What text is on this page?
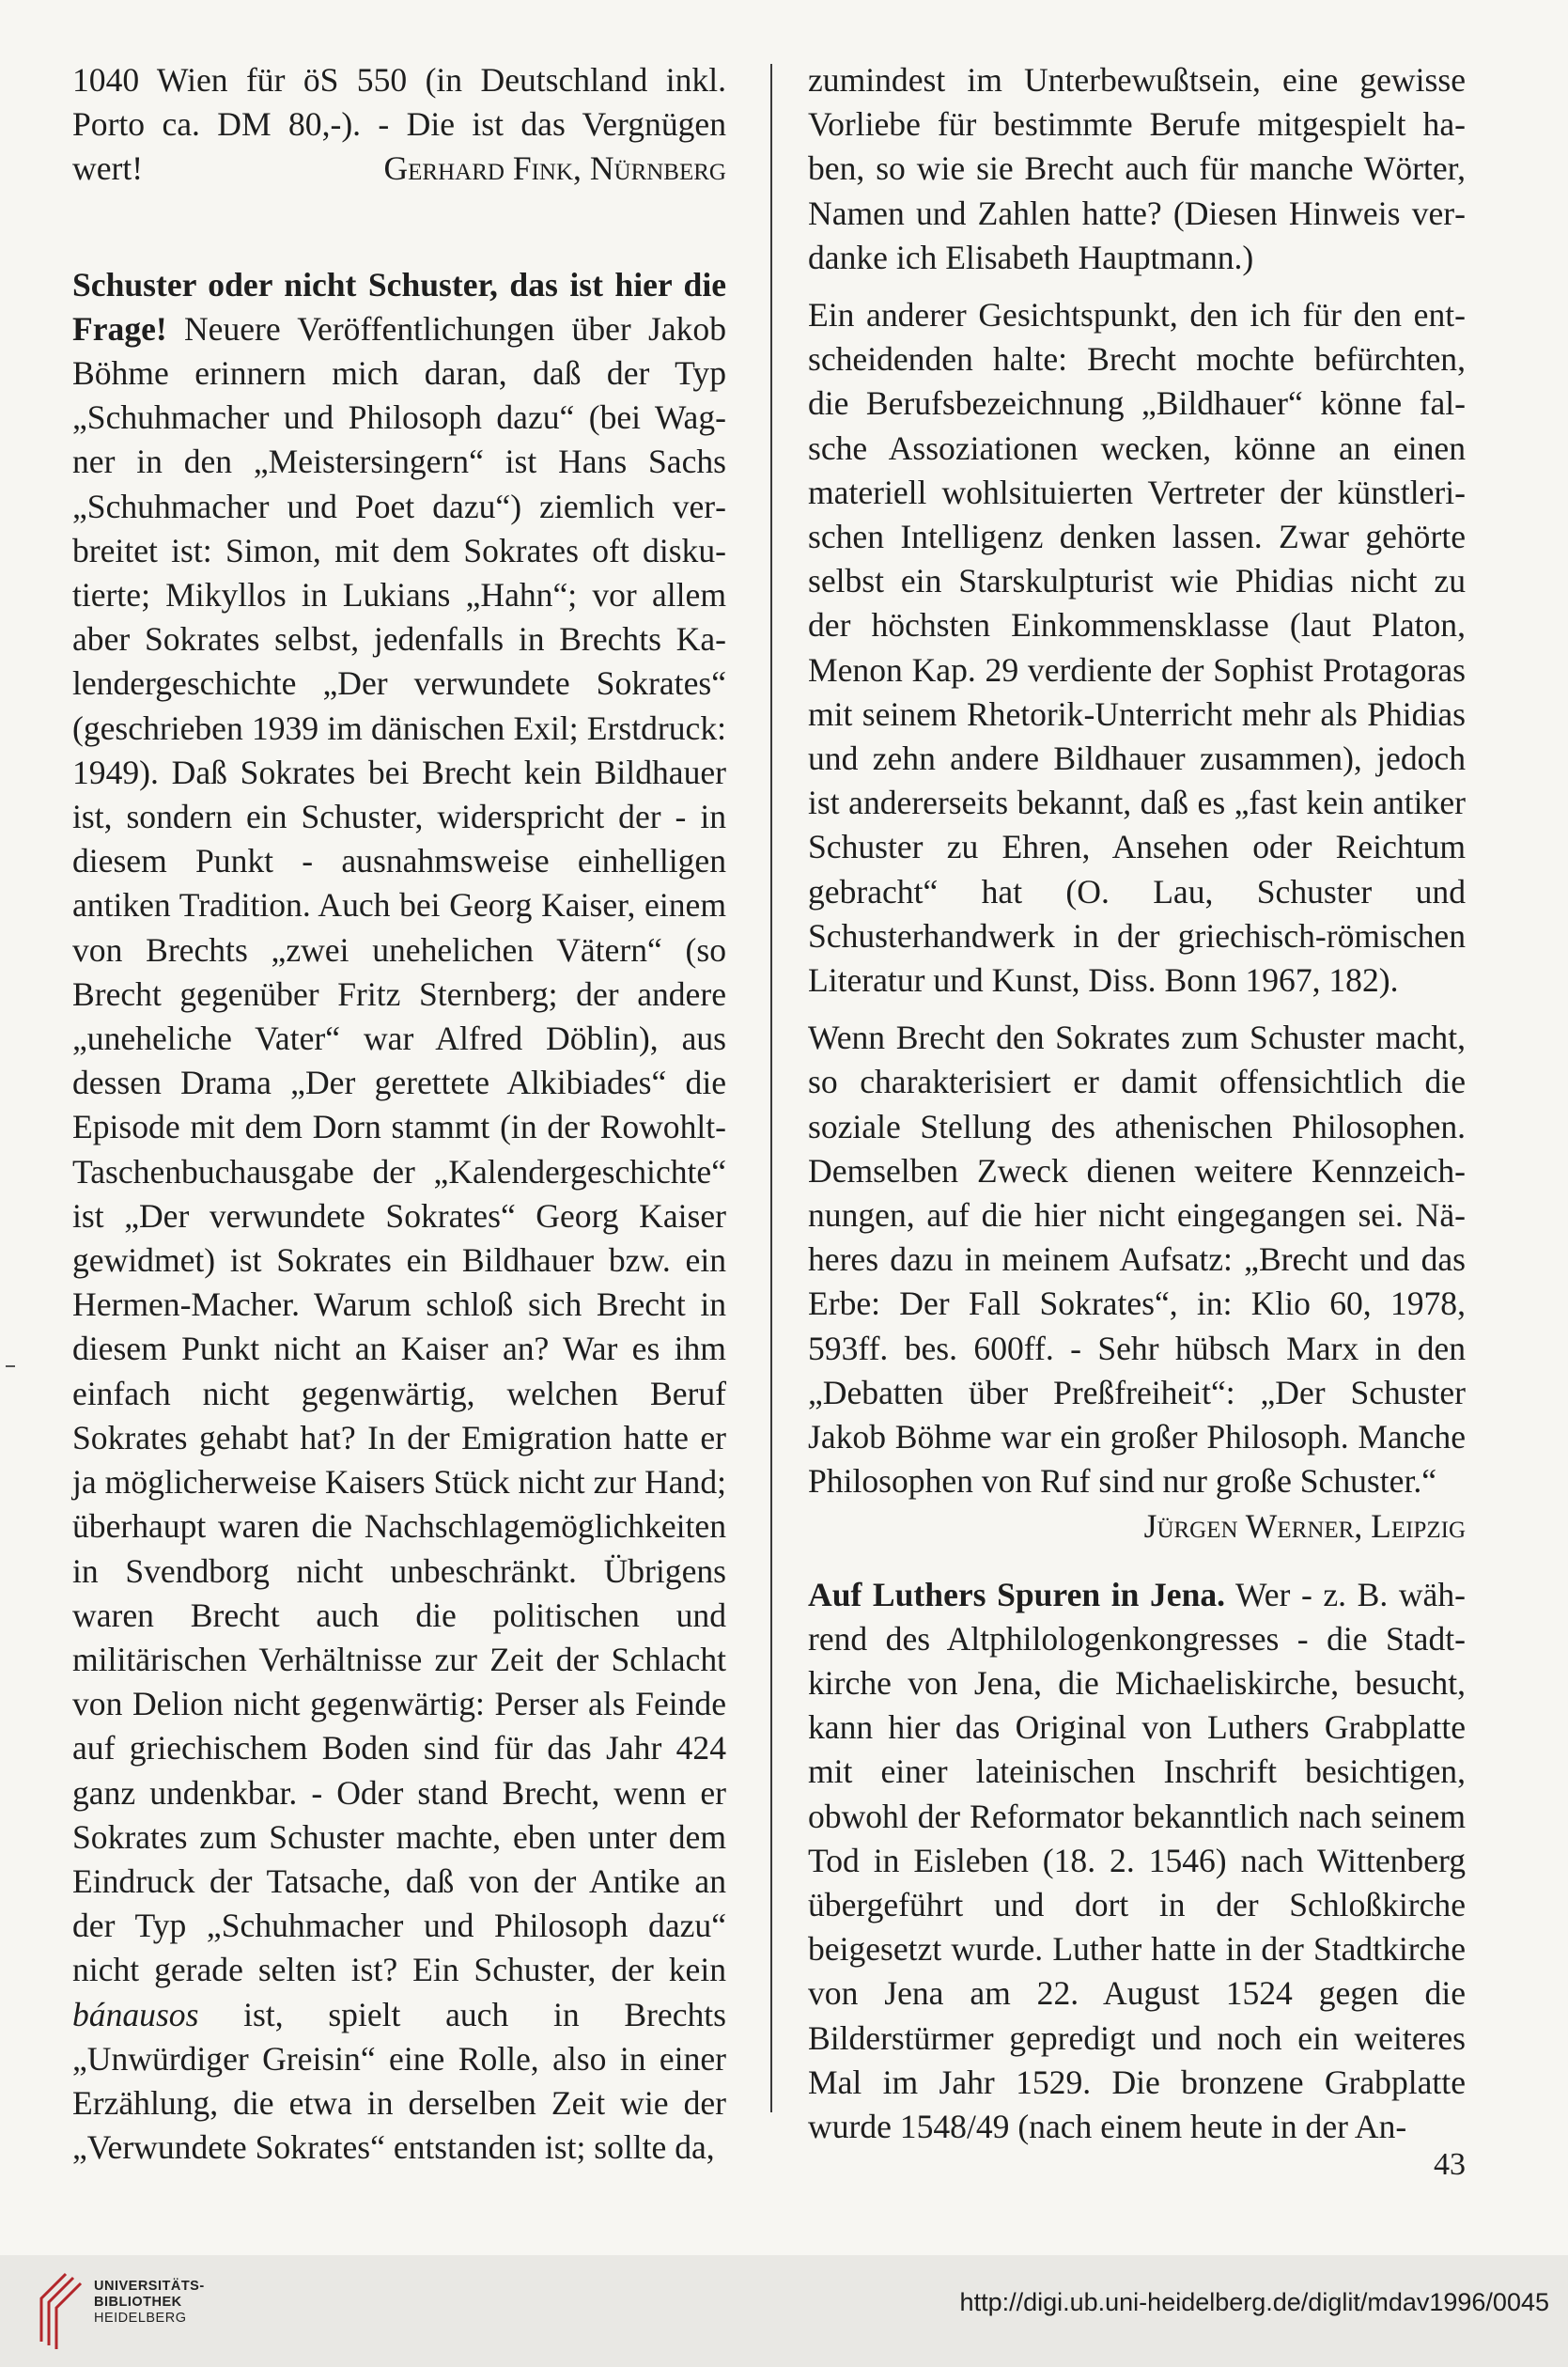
1040 Wien für öS 550 (in Deutschland inkl. Porto ca. DM 80,-). - Die ist das Vergnügen wert!	Gerhard Fink, Nürnberg

Schuster oder nicht Schuster, das ist hier die Frage! Neuere Veröffentlichungen über Jakob Böhme erinnern mich daran, daß der Typ „Schuhmacher und Philosoph dazu“ (bei Wagner in den „Meistersingern“ ist Hans Sachs „Schuhmacher und Poet dazu“) ziemlich verbreitet ist: Simon, mit dem Sokrates oft diskutierte; Mikyllos in Lukians „Hahn“; vor allem aber Sokrates selbst, jedenfalls in Brechts Kalendergeschichte „Der verwundete Sokrates“ (geschrieben 1939 im dänischen Exil; Erstdruck: 1949). Daß Sokrates bei Brecht kein Bildhauer ist, sondern ein Schuster, widerspricht der - in diesem Punkt - ausnahmsweise einhelligen antiken Tradition. Auch bei Georg Kaiser, einem von Brechts „zwei unehelichen Vätern“ (so Brecht gegenüber Fritz Sternberg; der andere „uneheliche Vater“ war Alfred Döblin), aus dessen Drama „Der gerettete Alkibiades“ die Episode mit dem Dorn stammt (in der Rowohlt-Taschenbuchausgabe der „Kalendergeschichte“ ist „Der verwundete Sokrates“ Georg Kaiser gewidmet) ist Sokrates ein Bildhauer bzw. ein Hermen-Macher. Warum schloß sich Brecht in diesem Punkt nicht an Kaiser an? War es ihm einfach nicht gegenwärtig, welchen Beruf Sokrates gehabt hat? In der Emigration hatte er ja möglicherweise Kaisers Stück nicht zur Hand; überhaupt waren die Nachschlagemöglichkeiten in Svendborg nicht unbeschränkt. Übrigens waren Brecht auch die politischen und militärischen Verhältnisse zur Zeit der Schlacht von Delion nicht gegenwärtig: Perser als Feinde auf griechischem Boden sind für das Jahr 424 ganz undenkbar. - Oder stand Brecht, wenn er Sokrates zum Schuster machte, eben unter dem Eindruck der Tatsache, daß von der Antike an der Typ „Schuhmacher und Philosoph dazu“ nicht gerade selten ist? Ein Schuster, der kein bánausos ist, spielt auch in Brechts „Unwürdiger Greisin“ eine Rolle, also in einer Erzählung, die etwa in derselben Zeit wie der „Verwundete Sokrates“ entstanden ist; sollte da,

zumindest im Unterbewußtsein, eine gewisse Vorliebe für bestimmte Berufe mitgespielt haben, so wie sie Brecht auch für manche Wörter, Namen und Zahlen hatte? (Diesen Hinweis verdanke ich Elisabeth Hauptmann.)

Ein anderer Gesichtspunkt, den ich für den entscheidenden halte: Brecht mochte befürchten, die Berufsbezeichnung „Bildhauer“ könne falsche Assoziationen wecken, könne an einen materiell wohlsituierten Vertreter der künstlerischen Intelligenz denken lassen. Zwar gehörte selbst ein Starskulpturist wie Phidias nicht zu der höchsten Einkommensklasse (laut Platon, Menon Kap. 29 verdiente der Sophist Protagoras mit seinem Rhetorik-Unterricht mehr als Phidias und zehn andere Bildhauer zusammen), jedoch ist andererseits bekannt, daß es „fast kein antiker Schuster zu Ehren, Ansehen oder Reichtum gebracht“ hat (O. Lau, Schuster und Schusterhandwerk in der griechisch-römischen Literatur und Kunst, Diss. Bonn 1967, 182).

Wenn Brecht den Sokrates zum Schuster macht, so charakterisiert er damit offensichtlich die soziale Stellung des athenischen Philosophen. Demselben Zweck dienen weitere Kennzeichnungen, auf die hier nicht eingegangen sei. Näheres dazu in meinem Aufsatz: „Brecht und das Erbe: Der Fall Sokrates“, in: Klio 60, 1978, 593ff. bes. 600ff. - Sehr hübsch Marx in den „Debatten über Preßfreiheit“: „Der Schuster Jakob Böhme war ein großer Philosoph. Manche Philosophen von Ruf sind nur große Schuster.“
Jürgen Werner, Leipzig

Auf Luthers Spuren in Jena. Wer - z. B. während des Altphilologenkongresses - die Stadtkirche von Jena, die Michaeliskirche, besucht, kann hier das Original von Luthers Grabplatte mit einer lateinischen Inschrift besichtigen, obwohl der Reformator bekanntlich nach seinem Tod in Eisleben (18. 2. 1546) nach Wittenberg übergeführt und dort in der Schloßkirche beigesetzt wurde. Luther hatte in der Stadtkirche von Jena am 22. August 1524 gegen die Bilderstürmer gepredigt und noch ein weiteres Mal im Jahr 1529. Die bronzene Grabplatte wurde 1548/49 (nach einem heute in der An-

43
UNIVERSITÄTS-
BIBLIOTHEK
HEIDELBERG
http://digi.ub.uni-heidelberg.de/diglit/mdav1996/0045
